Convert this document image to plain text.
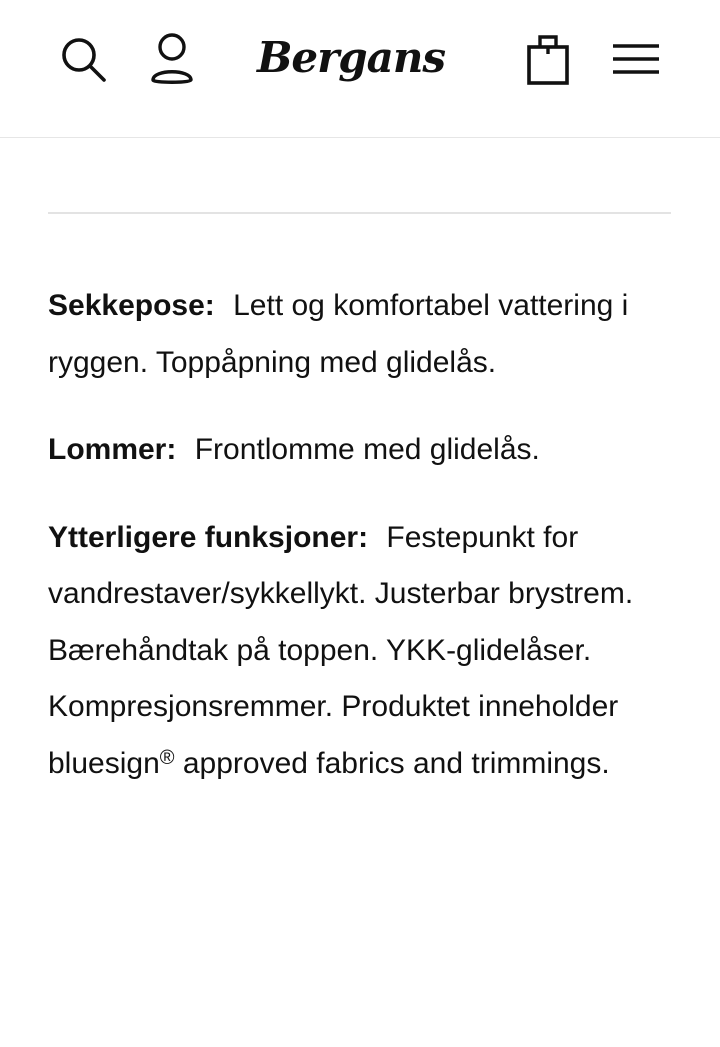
Bergans

Sekkepose: Lett og komfortabel vattering i ryggen. Toppåpning med glidelås.

Lommer: Frontlomme med glidelås.

Ytterligere funksjoner: Festepunkt for vandrestaver/sykkellykt. Justerbar brystrem. Bærehåndtak på toppen. YKK-glidelåser. Kompresjonsremmer. Produktet inneholder bluesign® approved fabrics and trimmings.
